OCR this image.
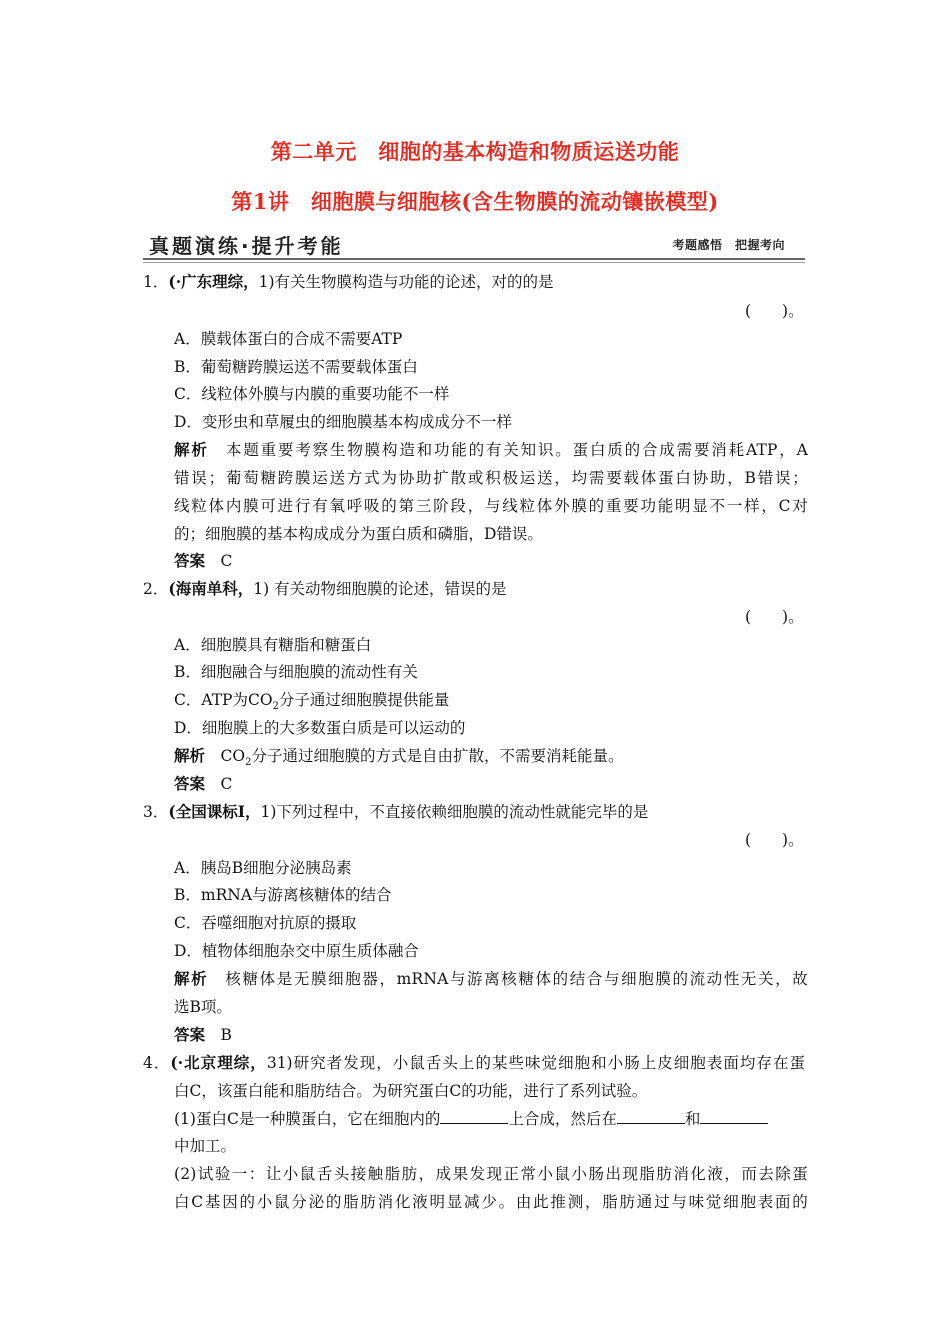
第二单元　细胞的基本构造和物质运送功能
第1讲　细胞膜与细胞核(含生物膜的流动镶嵌模型)
真题演练·提升考能	考题感悟　把握考向
1．(·广东理综，1)有关生物膜构造与功能的论述，对的的是
(　　)。
A．膜载体蛋白的合成不需要ATP
B．葡萄糖跨膜运送不需要载体蛋白
C．线粒体外膜与内膜的重要功能不一样
D．变形虫和草履虫的细胞膜基本构成成分不一样
解析　 本题重要考察生物膜构造和功能的有关知识。蛋白质的合成需要消耗ATP，A
错误；葡萄糖跨膜运送方式为协助扩散或积极运送，均需要载体蛋白协助，B错误；
线粒体内膜可进行有氧呼吸的第三阶段，与线粒体外膜的重要功能明显不一样，C对
的；细胞膜的基本构成成分为蛋白质和磷脂，D错误。
答案　 C
2．(海南单科，1) 有关动物细胞膜的论述，错误的是
(　　)。
A．细胞膜具有糖脂和糖蛋白
B．细胞融合与细胞膜的流动性有关
C．ATP为$CO_2$分子通过细胞膜提供能量
D．细胞膜上的大多数蛋白质是可以运动的
解析　 $CO_2$分子通过细胞膜的方式是自由扩散，不需要消耗能量。
答案　 C
3．(全国课标Ⅰ，1)下列过程中，不直接依赖细胞膜的流动性就能完毕的是
(　　)。
A．胰岛B细胞分泌胰岛素
B．mRNA与游离核糖体的结合
C．吞噬细胞对抗原的摄取
D．植物体细胞杂交中原生质体融合
解析　 核糖体是无膜细胞器，mRNA与游离核糖体的结合与细胞膜的流动性无关，故
选B项。
答案　 B
4．(·北京理综，31)研究者发现，小鼠舌头上的某些味觉细胞和小肠上皮细胞表面均存在蛋
白C，该蛋白能和脂肪结合。为研究蛋白C的功能，进行了系列试验。
(1)蛋白C是一种膜蛋白，它在细胞内的	上合成，然后在	和
中加工。
(2)试验一：让小鼠舌头接触脂肪，成果发现正常小鼠小肠出现脂肪消化液，而去除蛋
白C基因的小鼠分泌的脂肪消化液明显减少。由此推测，脂肪通过与味觉细胞表面的
